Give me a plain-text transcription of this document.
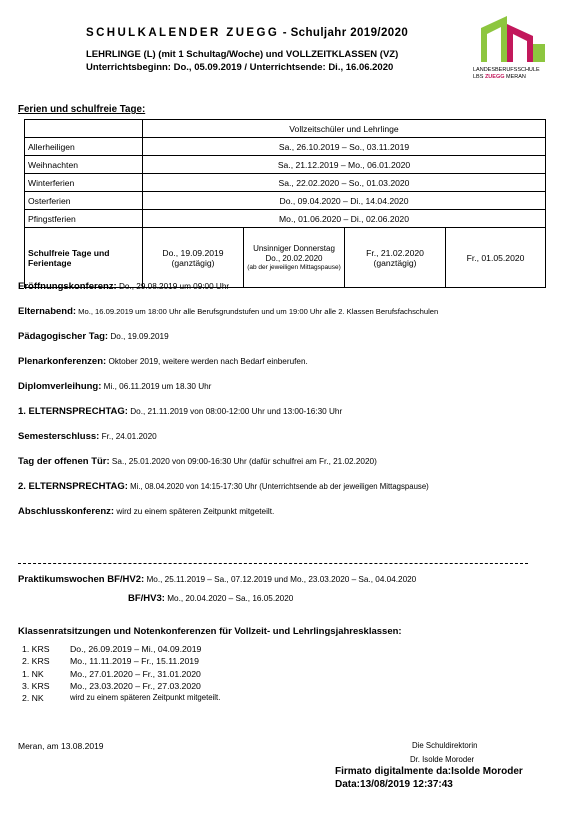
SCHULKALENDER ZUEGG - Schuljahr 2019/2020
LEHRLINGE (L) (mit 1 Schultag/Woche) und VOLLZEITKLASSEN (VZ)
Unterrichtsbeginn: Do., 05.09.2019 / Unterrichtsende: Di., 16.06.2020	LANDESBERUFSSCHULE
LBS ZUEGG MERAN
Ferien und schulfreie Tage:
	Vollzeitschüler und Lehrlinge			
Allerheiligen	Sa., 26.10.2019 – So., 03.11.2019			
Weihnachten	Sa., 21.12.2019 – Mo., 06.01.2020			
Winterferien	Sa., 22.02.2020 – So., 01.03.2020			
Osterferien	Do., 09.04.2020 – Di., 14.04.2020			
Pfingstferien	Mo., 01.06.2020 – Di., 02.06.2020			
Schulfreie Tage und Ferientage	Do., 19.09.2019 (ganztägig)	Unsinniger Donnerstag
Do., 20.02.2020
(ab der jeweiligen Mittagspause)	Fr., 21.02.2020 (ganztägig)	Fr., 01.05.2020
Eröffnungskonferenz: Do., 29.08.2019 um 09:00 Uhr
Elternabend: Mo., 16.09.2019 um 18:00 Uhr alle Berufsgrundstufen und um 19:00 Uhr alle 2. Klassen Berufsfachschulen
Pädagogischer Tag: Do., 19.09.2019
Plenarkonferenzen: Oktober 2019, weitere werden nach Bedarf einberufen.
Diplomverleihung: Mi., 06.11.2019 um 18.30 Uhr
1. ELTERNSPRECHTAG: Do., 21.11.2019 von 08:00-12:00 Uhr und 13:00-16:30 Uhr
Semesterschluss: Fr., 24.01.2020
Tag der offenen Tür: Sa., 25.01.2020 von 09:00-16:30 Uhr (dafür schulfrei am Fr., 21.02.2020)
2. ELTERNSPRECHTAG: Mi., 08.04.2020 von 14:15-17:30 Uhr (Unterrichtsende ab der jeweiligen Mittagspause)
Abschlusskonferenz: wird zu einem späteren Zeitpunkt mitgeteilt.
Praktikumswochen BF/HV2: Mo., 25.11.2019 – Sa., 07.12.2019 und Mo., 23.03.2020 – Sa., 04.04.2020
BF/HV3: Mo., 20.04.2020 – Sa., 16.05.2020
Klassenratsitzungen und Notenkonferenzen für Vollzeit- und Lehrlingsjahresklassen:
1. KRS	Do., 26.09.2019 – Mi., 04.09.2019
2. KRS	Mo., 11.11.2019 – Fr., 15.11.2019
1. NK	Mo., 27.01.2020 – Fr., 31.01.2020
3. KRS	Mo., 23.03.2020 – Fr., 27.03.2020
2. NK	wird zu einem späteren Zeitpunkt mitgeteilt.
Meran, am 13.08.2019	Die Schuldirektorin
Dr. Isolde Moroder
Firmato digitalmente da:Isolde Moroder
Data:13/08/2019 12:37:43
